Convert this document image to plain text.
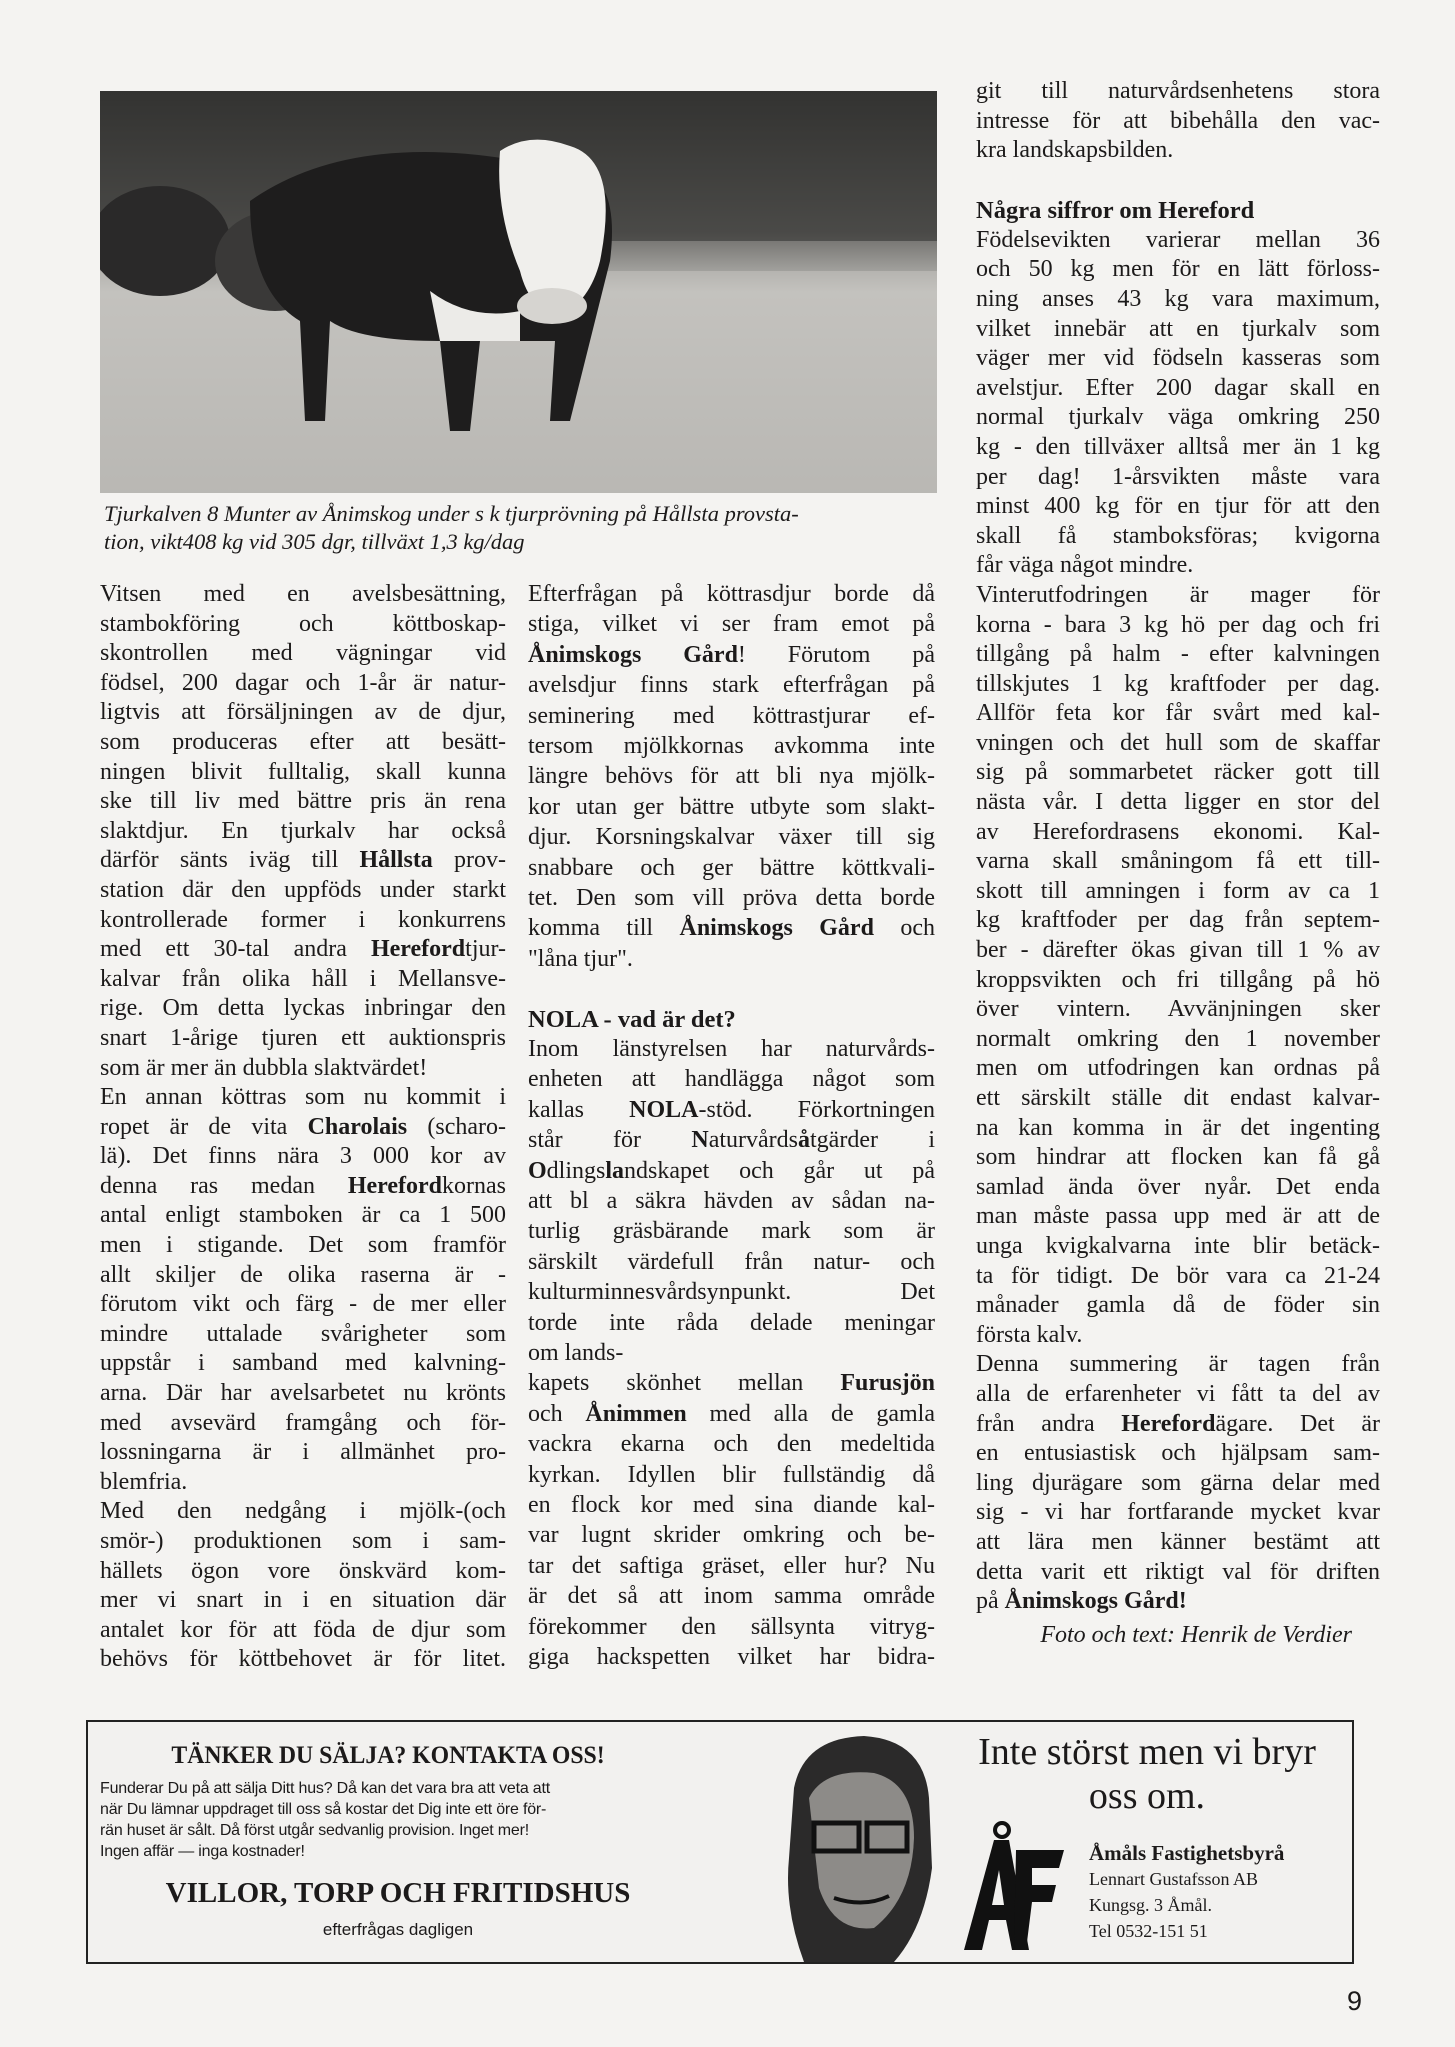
Tjurkalven 8 Munter av Ånimskog under s k tjurprövning på Hållsta provsta-
tion, vikt408 kg vid 305 dgr, tillväxt 1,3 kg/dag
Vitsen med en avelsbesättning,
stambokföring och köttboskap-
skontrollen med vägningar vid
födsel, 200 dagar och 1-år är natur-
ligtvis att försäljningen av de djur,
som produceras efter att besätt-
ningen blivit fulltalig, skall kunna
ske till liv med bättre pris än rena
slaktdjur. En tjurkalv har också
därför sänts iväg till Hållsta prov-
station där den uppföds under starkt
kontrollerade former i konkurrens
med ett 30-tal andra Herefordtjur-
kalvar från olika håll i Mellansve-
rige. Om detta lyckas inbringar den
snart 1-årige tjuren ett auktionspris
som är mer än dubbla slaktvärdet!
En annan köttras som nu kommit i
ropet är de vita Charolais (scharo-
lä). Det finns nära 3 000 kor av
denna ras medan Herefordkornas
antal enligt stamboken är ca 1 500
men i stigande. Det som framför
allt skiljer de olika raserna är -
förutom vikt och färg - de mer eller
mindre uttalade svårigheter som
uppstår i samband med kalvning-
arna. Där har avelsarbetet nu krönts
med avsevärd framgång och för-
lossningarna är i allmänhet pro-
blemfria.
Med den nedgång i mjölk-(och
smör-) produktionen som i sam-
hällets ögon vore önskvärd kom-
mer vi snart in i en situation där
antalet kor för att föda de djur som
behövs för köttbehovet är för litet.
Efterfrågan på köttrasdjur borde då
stiga, vilket vi ser fram emot på
Ånimskogs Gård! Förutom på
avelsdjur finns stark efterfrågan på
seminering med köttrastjurar ef-
tersom mjölkkornas avkomma inte
längre behövs för att bli nya mjölk-
kor utan ger bättre utbyte som slakt-
djur. Korsningskalvar växer till sig
snabbare och ger bättre köttkvali-
tet. Den som vill pröva detta borde
komma till Ånimskogs Gård och
"låna tjur".
NOLA - vad är det?
Inom länstyrelsen har naturvårds-
enheten att handlägga något som
kallas NOLA-stöd. Förkortningen
står för Naturvårdsåtgärder i
Odlingslandskapet och går ut på
att bl a säkra hävden av sådan na-
turlig gräsbärande mark som är
särskilt värdefull från natur- och
kulturminnesvårdsynpunkt. Det
torde inte råda delade meningar
om lands-
kapets skönhet mellan Furusjön
och Ånimmen med alla de gamla
vackra ekarna och den medeltida
kyrkan. Idyllen blir fullständig då
en flock kor med sina diande kal-
var lugnt skrider omkring och be-
tar det saftiga gräset, eller hur? Nu
är det så att inom samma område
förekommer den sällsynta vitryg-
giga hackspetten vilket har bidra-
git till naturvårdsenhetens stora
intresse för att bibehålla den vac-
kra landskapsbilden.
Några siffror om Hereford
Födelsevikten varierar mellan 36
och 50 kg men för en lätt förloss-
ning anses 43 kg vara maximum,
vilket innebär att en tjurkalv som
väger mer vid födseln kasseras som
avelstjur. Efter 200 dagar skall en
normal tjurkalv väga omkring 250
kg - den tillväxer alltså mer än 1 kg
per dag! 1-årsvikten måste vara
minst 400 kg för en tjur för att den
skall få stamboksföras; kvigorna
får väga något mindre.
Vinterutfodringen är mager för
korna - bara 3 kg hö per dag och fri
tillgång på halm - efter kalvningen
tillskjutes 1 kg kraftfoder per dag.
Allför feta kor får svårt med kal-
vningen och det hull som de skaffar
sig på sommarbetet räcker gott till
nästa vår. I detta ligger en stor del
av Herefordrasens ekonomi. Kal-
varna skall småningom få ett till-
skott till amningen i form av ca 1
kg kraftfoder per dag från septem-
ber - därefter ökas givan till 1 % av
kroppsvikten och fri tillgång på hö
över vintern. Avvänjningen sker
normalt omkring den 1 november
men om utfodringen kan ordnas på
ett särskilt ställe dit endast kalvar-
na kan komma in är det ingenting
som hindrar att flocken kan få gå
samlad ända över nyår. Det enda
man måste passa upp med är att de
unga kvigkalvarna inte blir betäck-
ta för tidigt. De bör vara ca 21-24
månader gamla då de föder sin
första kalv.
Denna summering är tagen från
alla de erfarenheter vi fått ta del av
från andra Herefordägare. Det är
en entusiastisk och hjälpsam sam-
ling djurägare som gärna delar med
sig - vi har fortfarande mycket kvar
att lära men känner bestämt att
detta varit ett riktigt val för driften
på Ånimskogs Gård!
Foto och text: Henrik de Verdier
TÄNKER DU SÄLJA? KONTAKTA OSS!
Funderar Du på att sälja Ditt hus? Då kan det vara bra att veta att
när Du lämnar uppdraget till oss så kostar det Dig inte ett öre för-
rän huset är sålt. Då först utgår sedvanlig provision. Inget mer!
Ingen affär — inga kostnader!
VILLOR, TORP OCH FRITIDSHUS
efterfrågas dagligen
Inte störst men vi bryr
oss om.
Åmåls Fastighetsbyrå
Lennart Gustafsson AB
Kungsg. 3 Åmål.
Tel 0532-151 51
9
